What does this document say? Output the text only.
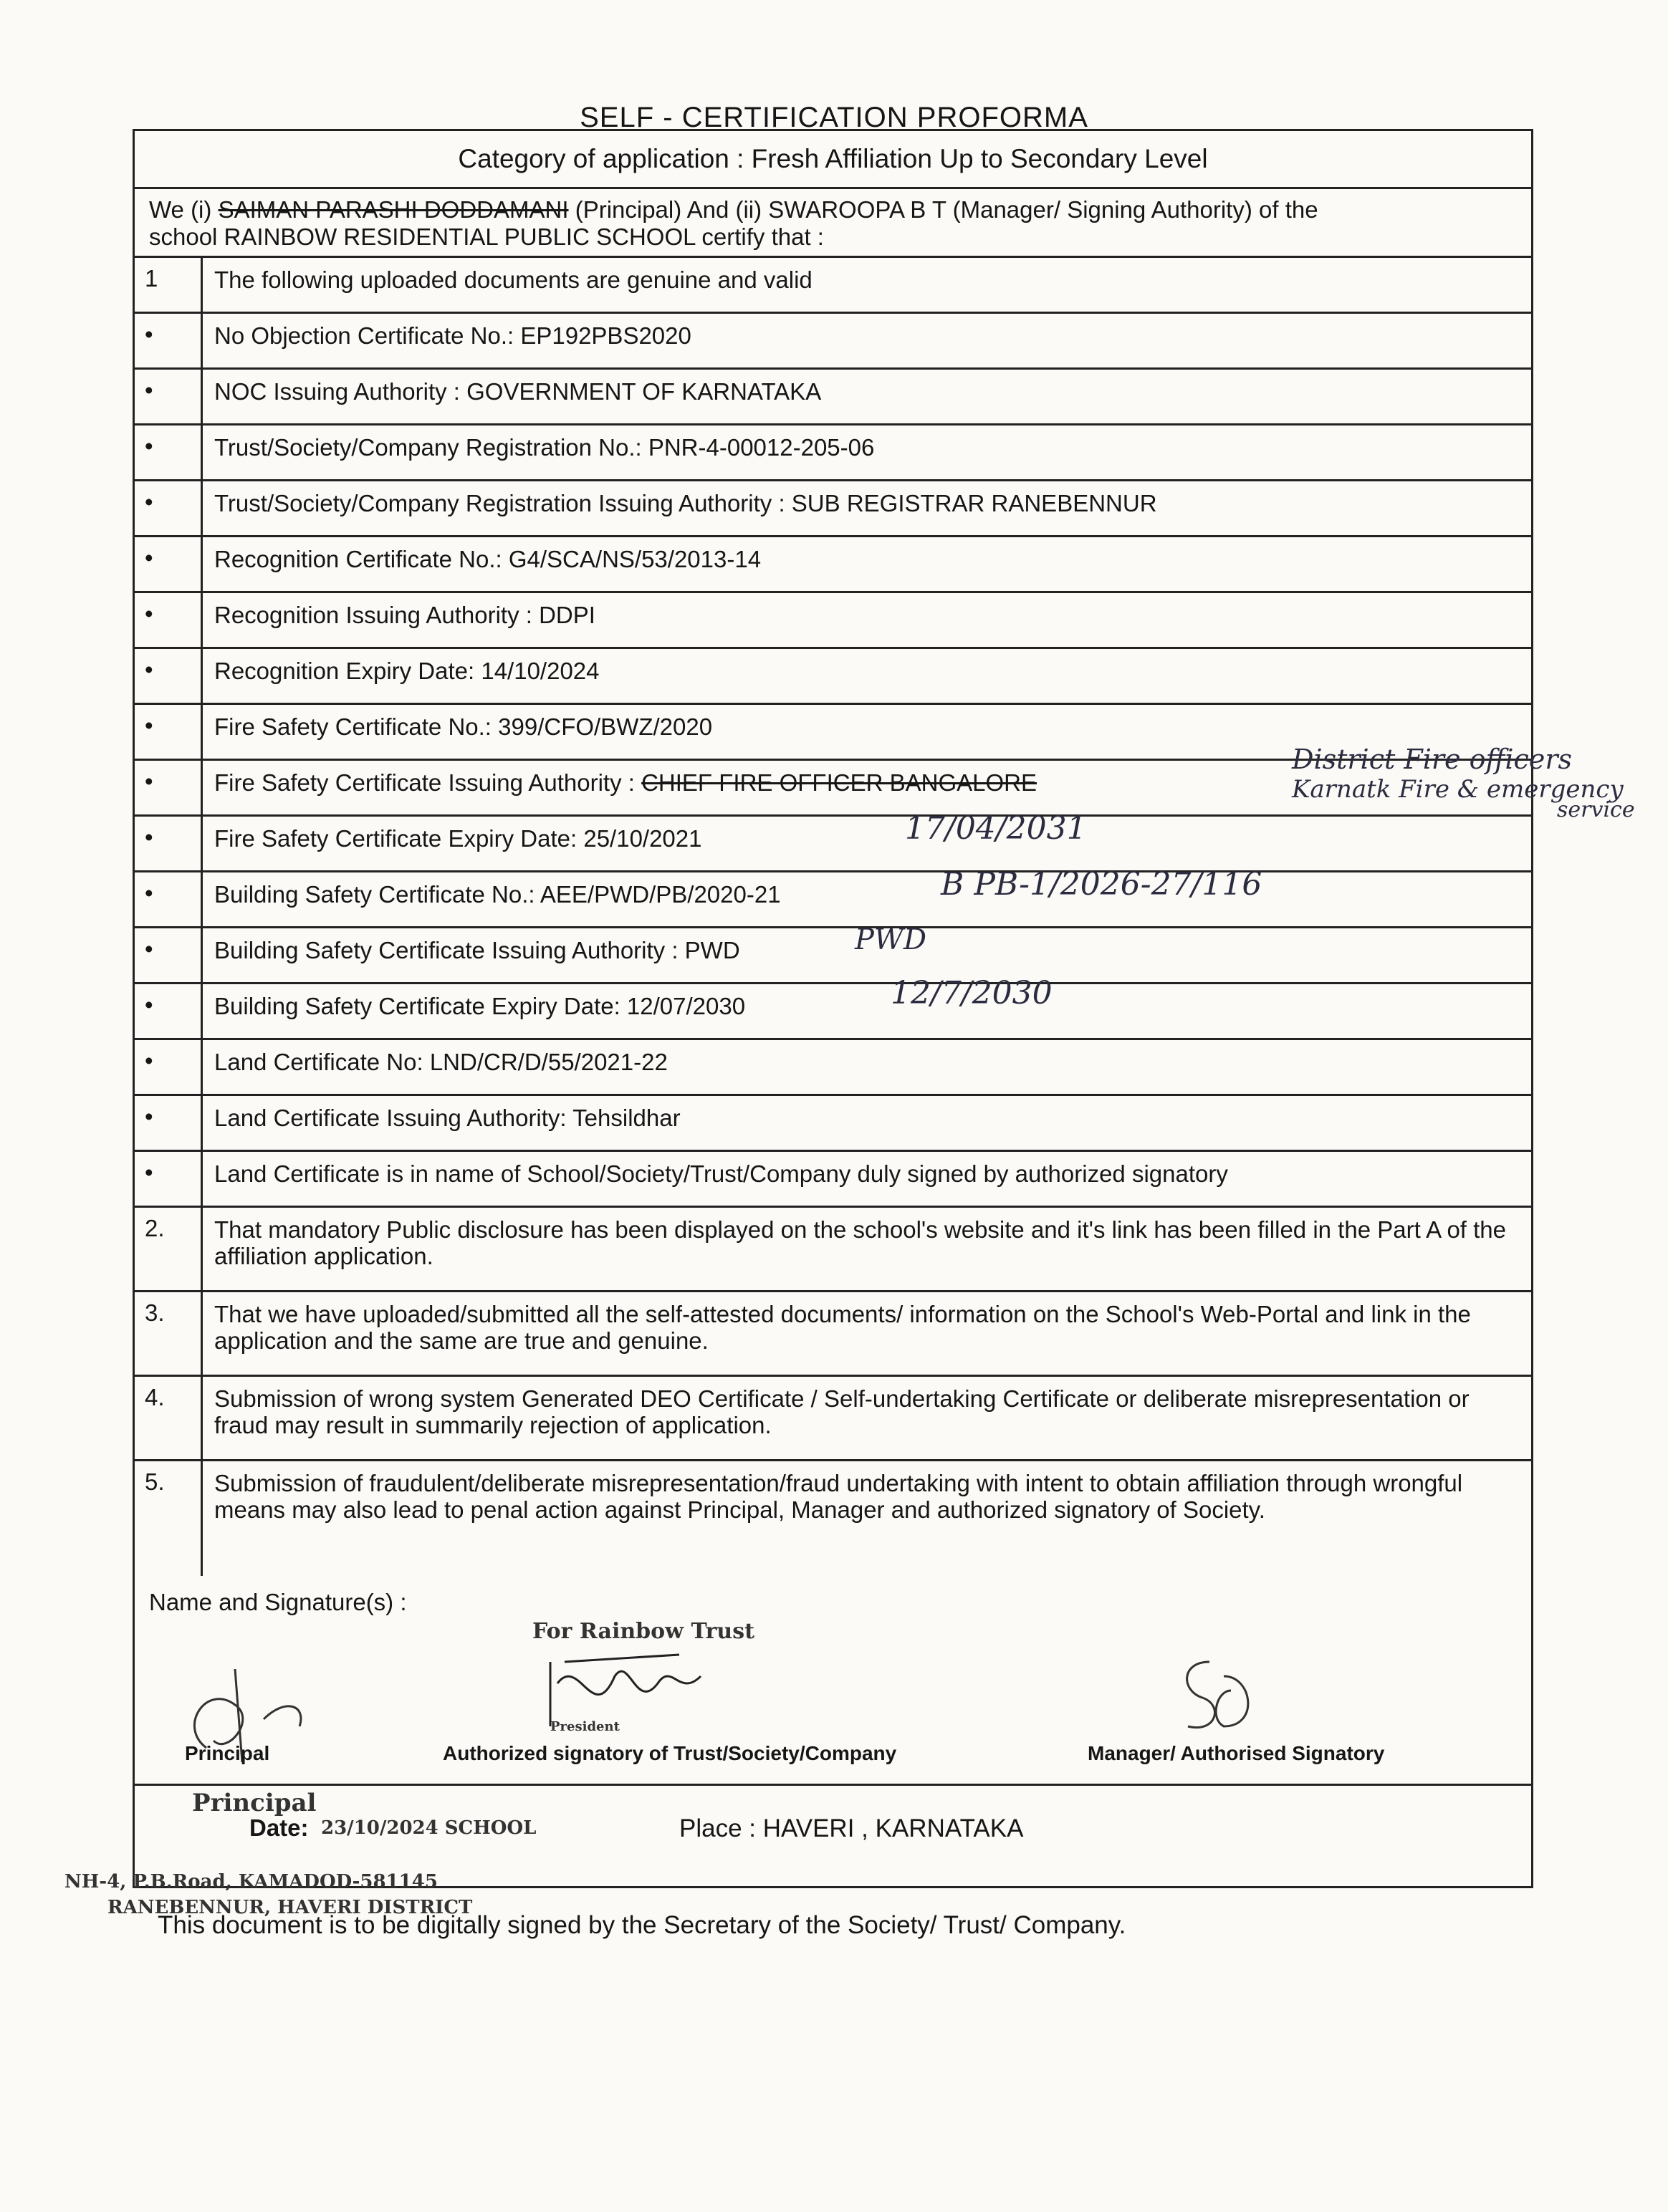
SELF - CERTIFICATION PROFORMA
Category of application : Fresh Affiliation Up to Secondary Level
We (i) SAIMAN PARASHI DODDAMANI (Principal) And (ii) SWAROOPA B T (Manager/ Signing Authority) of the
school RAINBOW RESIDENTIAL PUBLIC SCHOOL certify that :
1	The following uploaded documents are genuine and valid
•	No Objection Certificate No.: EP192PBS2020
•	NOC Issuing Authority : GOVERNMENT OF KARNATAKA
•	Trust/Society/Company Registration No.: PNR-4-00012-205-06
•	Trust/Society/Company Registration Issuing Authority : SUB REGISTRAR RANEBENNUR
•	Recognition Certificate No.: G4/SCA/NS/53/2013-14
•	Recognition Issuing Authority : DDPI
•	Recognition Expiry Date: 14/10/2024
•	Fire Safety Certificate No.: 399/CFO/BWZ/2020
•	Fire Safety Certificate Issuing Authority : CHIEF FIRE OFFICER BANGALORE
District Fire officers
Karnatk Fire & emergency
service
•	Fire Safety Certificate Expiry Date: 25/10/2021	17/04/2031
•	Building Safety Certificate No.: AEE/PWD/PB/2020-21	B PB-1/2026-27/116
•	Building Safety Certificate Issuing Authority : PWD	PWD
•	Building Safety Certificate Expiry Date: 12/07/2030	12/7/2030
•	Land Certificate No: LND/CR/D/55/2021-22
•	Land Certificate Issuing Authority: Tehsildhar
•	Land Certificate is in name of School/Society/Trust/Company duly signed by authorized signatory
2.	That mandatory Public disclosure has been displayed on the school's website and it's link has been filled in the Part A of the affiliation application.
3.	That we have uploaded/submitted all the self-attested documents/ information on the School's Web-Portal and link in the application and the same are true and genuine.
4.	Submission of wrong system Generated DEO Certificate / Self-undertaking Certificate or deliberate misrepresentation or fraud may result in summarily rejection of application.
5.	Submission of fraudulent/deliberate misrepresentation/fraud undertaking with intent to obtain affiliation through wrongful means may also lead to penal action against Principal, Manager and authorized signatory of Society.
Name and Signature(s) :
For Rainbow Trust
President
Principal	Authorized signatory of Trust/Society/Company	Manager/ Authorised Signatory
Principal
Date: 23/10/2024 SCHOOL	Place : HAVERI , KARNATAKA
NH-4, P.B.Road, KAMADOD-581145
RANEBENNUR, HAVERI DISTRICT
This document is to be digitally signed by the Secretary of the Society/ Trust/ Company.
